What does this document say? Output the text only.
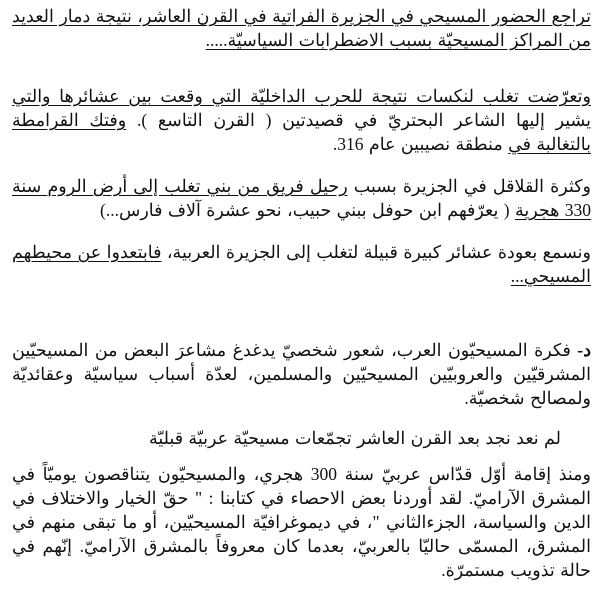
تراجع الحضور المسيحي في الجزيرة الفراتية في القرن العاشر، نتيجة دمار العديد من المراكز المسيحيّة بسبب الاضطرابات السياسيّة.....

وتعرّضت تغلب لنكسات نتيجة للحرب الداخليّة التي وقعت بين عشائرها والتي يشير إليها الشاعر البحتريّ في قصيدتين ( القرن التاسع ). وفتك القرامطة بالتغالبة في منطقة نصيبين عام 316.

وكثرة القلاقل في الجزيرة بسبب رحيل فريق من بني تغلب إلى أرض الروم سنة 330 هجرية ( يعرّفهم ابن حوفل ببني حبيب، نحو عشرة آلاف فارس...)

ونسمع بعودة عشائر كبيرة قبيلة لتغلب إلى الجزيرة العربية، فابتعدوا عن محيطهم المسيحي...

د- فكرة المسيحيّون العرب، شعور شخصيّ يدغدغ مشاعرَ البعض من المسيحيّين المشرقيّين والعروبيّين المسيحيّين والمسلمين، لعدّة أسباب سياسيّة وعقائديّة ولمصالح شخصيّة.

لم نعد نجد بعد القرن العاشر تجمّعات مسيحيّة عربيّة قبليّة

ومنذ إقامة أوّل قدّاس عربيّ سنة 300 هجري، والمسيحيّون يتناقصون يوميّاً في المشرق الآراميّ. لقد أوردنا بعض الاحصاء في كتابنا : " حقّ الخيار والاختلاف في الدين والسياسة، الجزءالثاني "، في ديموغرافيّة المسيحيّين، أو ما تبقى منهم في المشرق، المسمّى حاليّا بالعربيّ، بعدما كان معروفاً بالمشرق الآراميّ. إنّهم في حالة تذويب مستمرّة.
